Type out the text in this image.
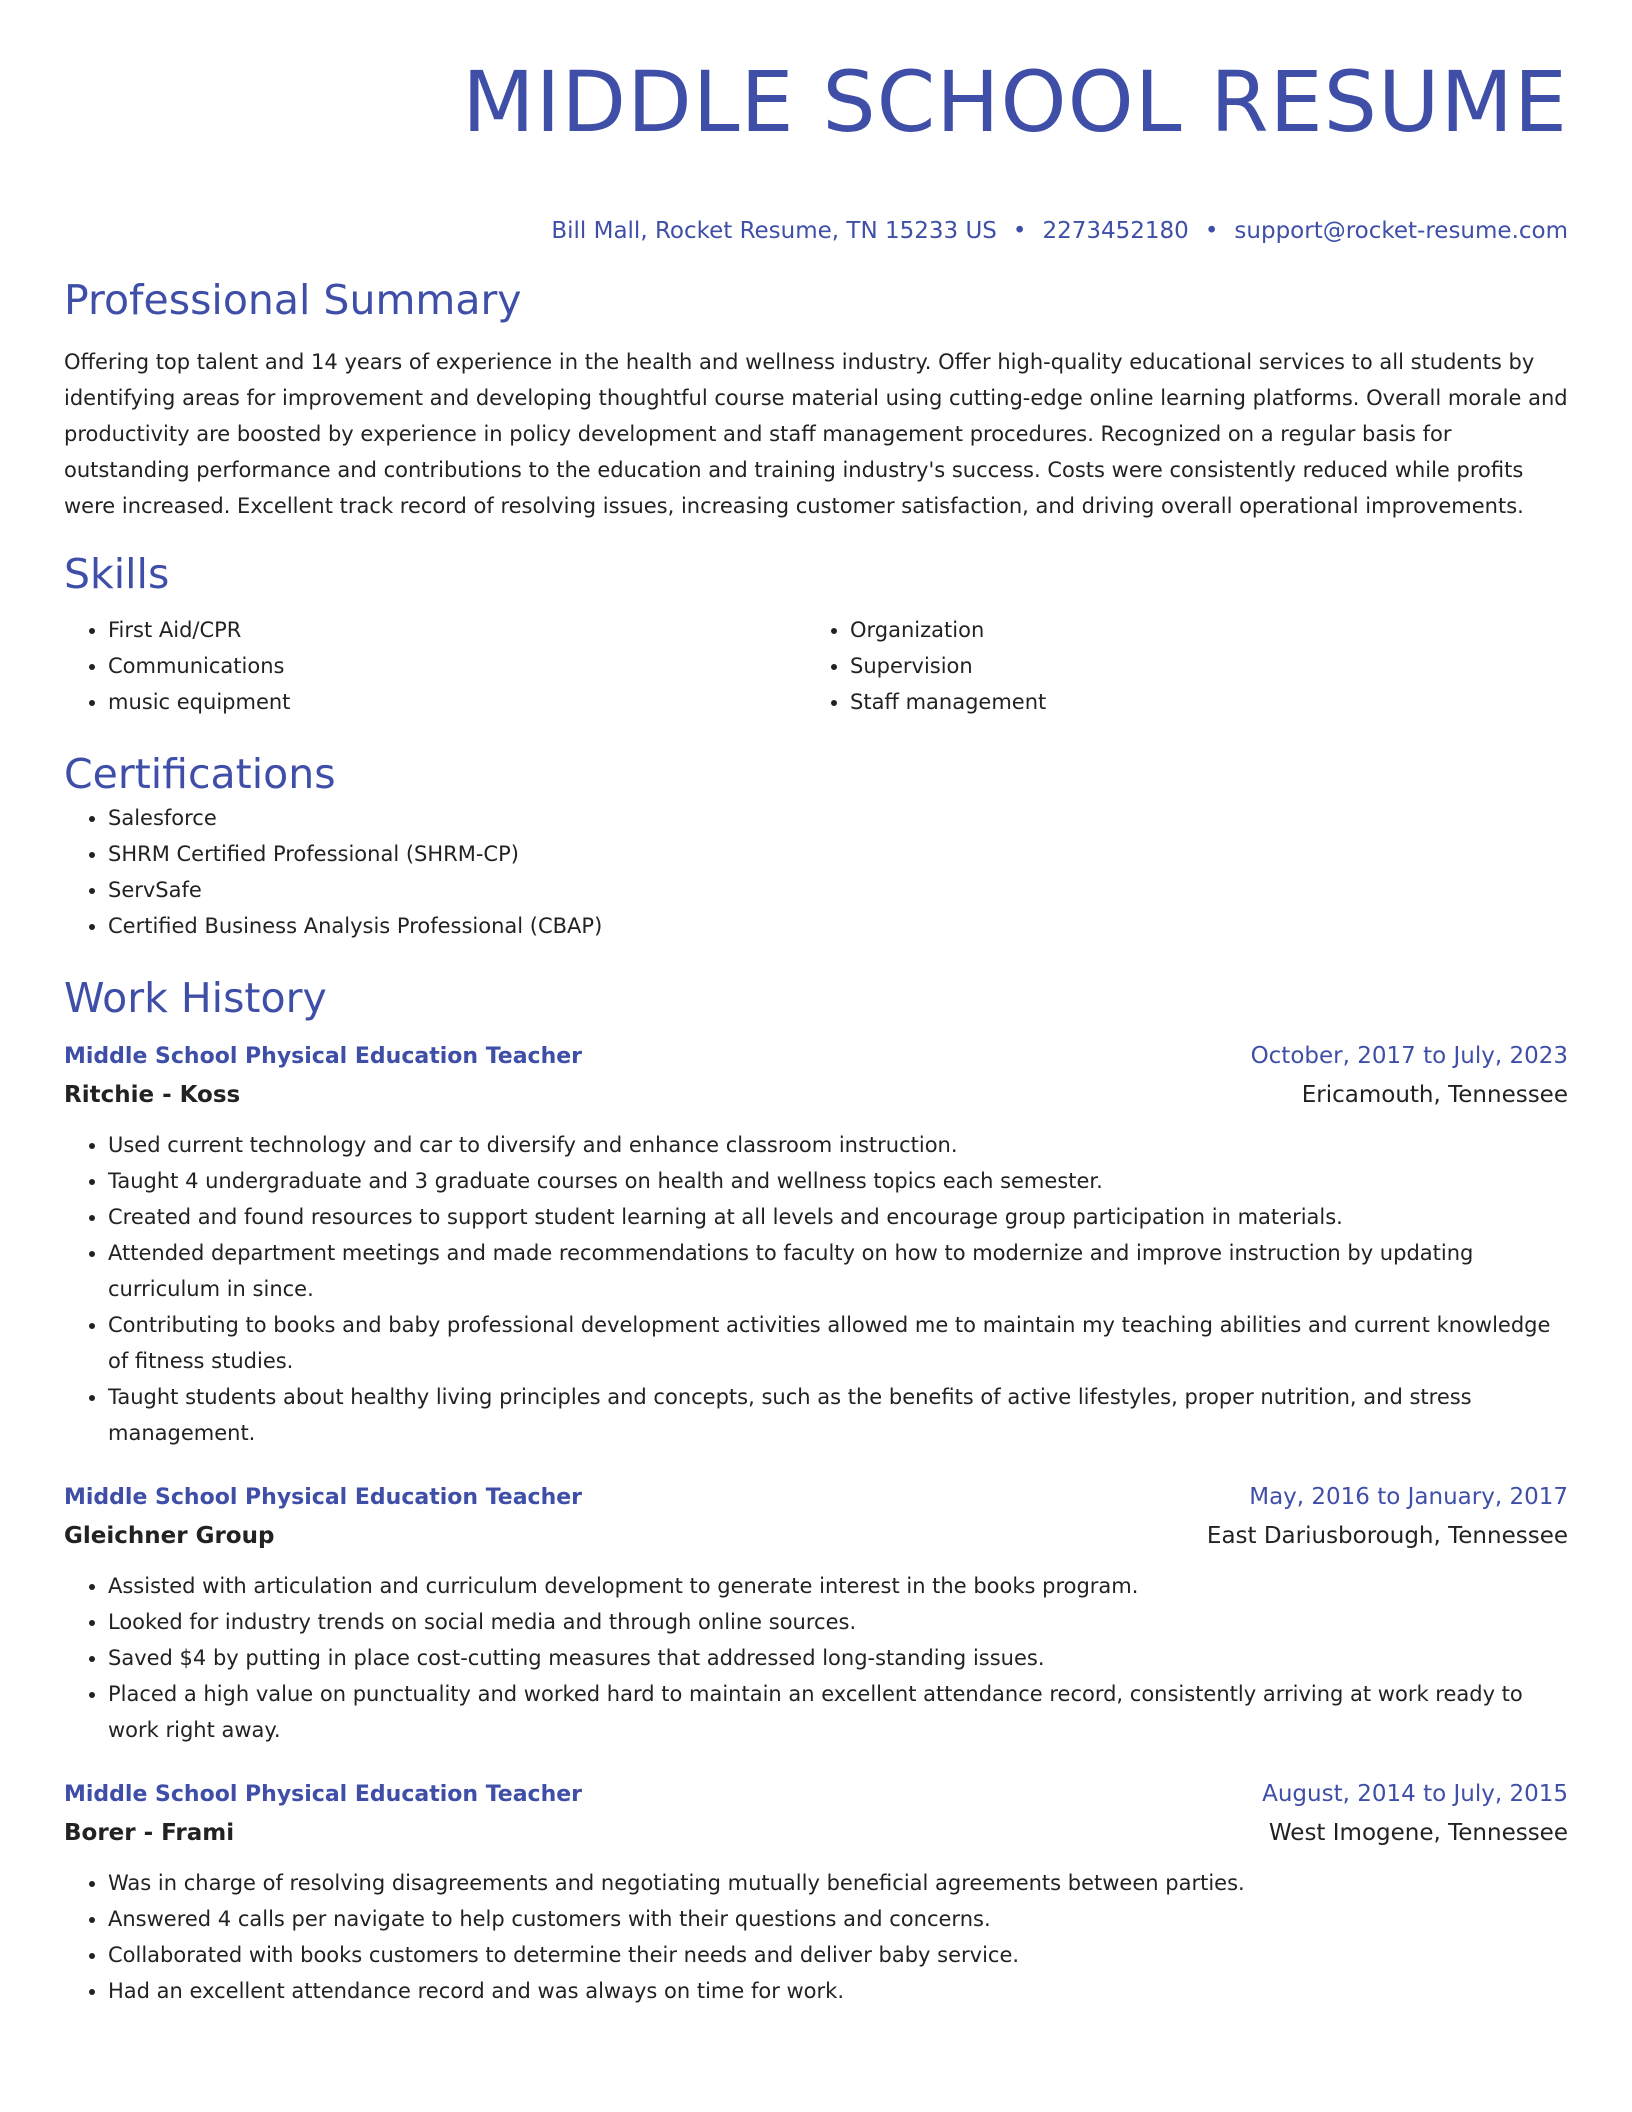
MIDDLE SCHOOL RESUME
Bill Mall, Rocket Resume, TN 15233 US • 2273452180 • support@rocket-resume.com
Professional Summary

Offering top talent and 14 years of experience in the health and wellness industry. Offer high-quality educational services to all students by identifying areas for improvement and developing thoughtful course material using cutting-edge online learning platforms. Overall morale and productivity are boosted by experience in policy development and staff management procedures. Recognized on a regular basis for outstanding performance and contributions to the education and training industry's success. Costs were consistently reduced while profits were increased. Excellent track record of resolving issues, increasing customer satisfaction, and driving overall operational improvements.

Skills
• First Aid/CPR
• Communications
• music equipment
• Organization
• Supervision
• Staff management
Certifications
• Salesforce
• SHRM Certified Professional (SHRM-CP)
• ServSafe
• Certified Business Analysis Professional (CBAP)
Work History
Middle School Physical Education Teacher	October, 2017 to July, 2023
Ritchie - Koss	Ericamouth, Tennessee
• Used current technology and car to diversify and enhance classroom instruction.
• Taught 4 undergraduate and 3 graduate courses on health and wellness topics each semester.
• Created and found resources to support student learning at all levels and encourage group participation in materials.
• Attended department meetings and made recommendations to faculty on how to modernize and improve instruction by updating curriculum in since.
• Contributing to books and baby professional development activities allowed me to maintain my teaching abilities and current knowledge of fitness studies.
• Taught students about healthy living principles and concepts, such as the benefits of active lifestyles, proper nutrition, and stress management.
Middle School Physical Education Teacher	May, 2016 to January, 2017
Gleichner Group	East Dariusborough, Tennessee
• Assisted with articulation and curriculum development to generate interest in the books program.
• Looked for industry trends on social media and through online sources.
• Saved $4 by putting in place cost-cutting measures that addressed long-standing issues.
• Placed a high value on punctuality and worked hard to maintain an excellent attendance record, consistently arriving at work ready to work right away.
Middle School Physical Education Teacher	August, 2014 to July, 2015
Borer - Frami	West Imogene, Tennessee
• Was in charge of resolving disagreements and negotiating mutually beneficial agreements between parties.
• Answered 4 calls per navigate to help customers with their questions and concerns.
• Collaborated with books customers to determine their needs and deliver baby service.
• Had an excellent attendance record and was always on time for work.
